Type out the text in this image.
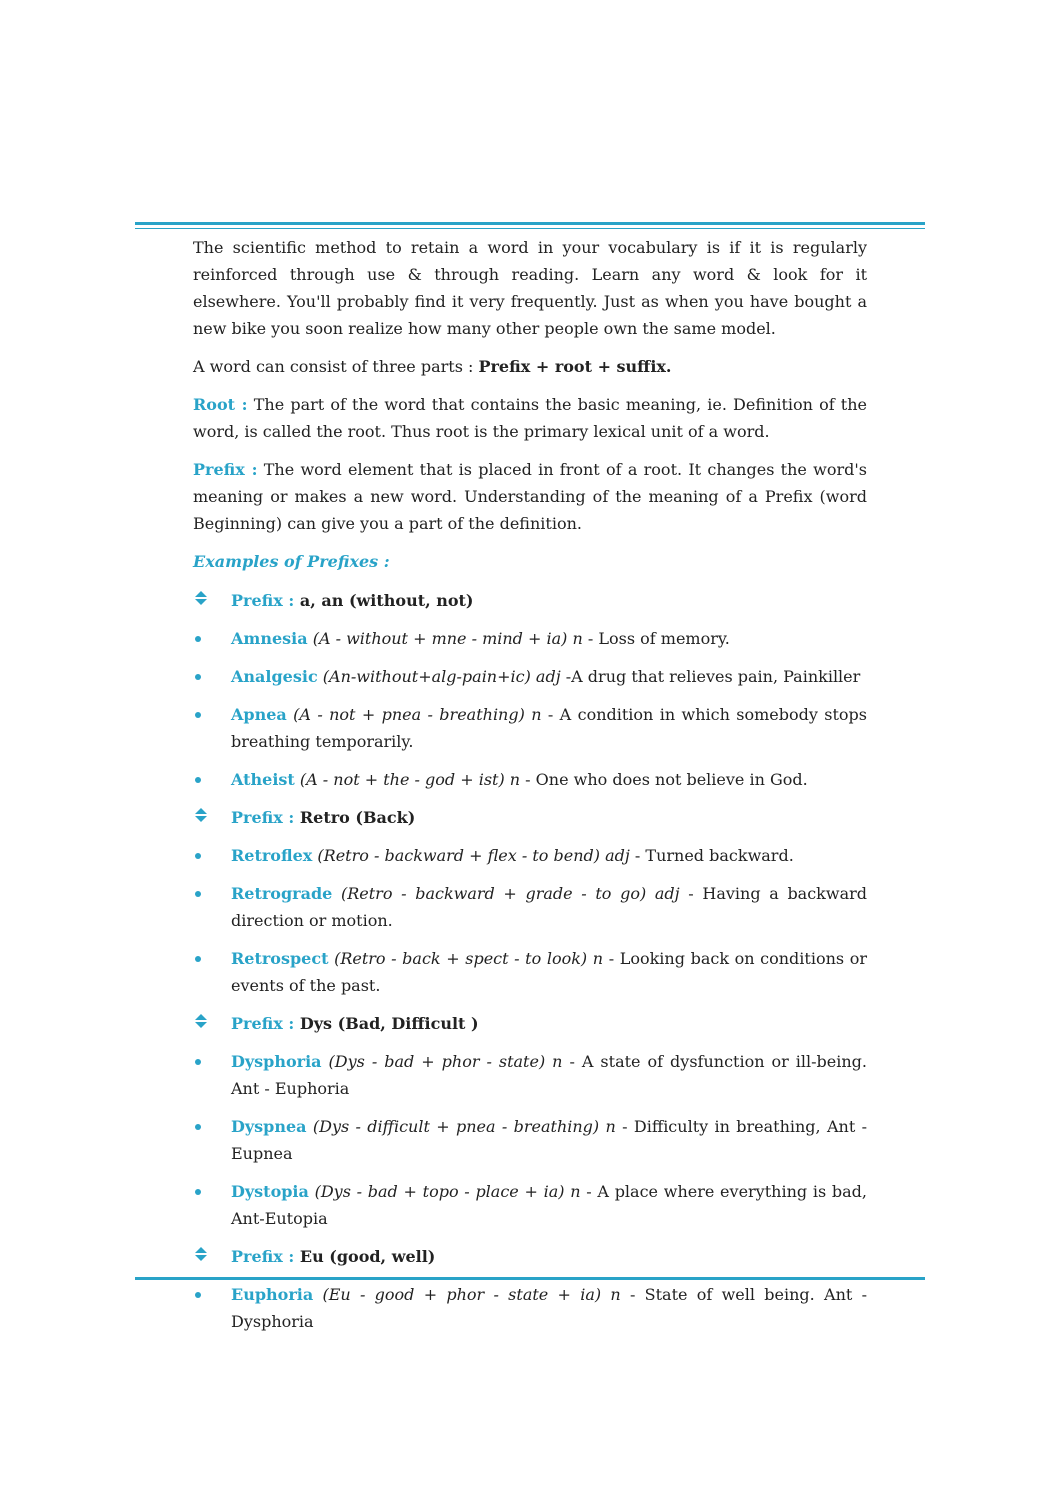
The scientific method to retain a word in your vocabulary is if it is regularly reinforced through use & through reading. Learn any word & look for it elsewhere. You'll probably find it very frequently. Just as when you have bought a new bike you soon realize how many other people own the same model.

A word can consist of three parts : Prefix + root + suffix.

Root : The part of the word that contains the basic meaning, ie. Definition of the word, is called the root. Thus root is the primary lexical unit of a word.

Prefix : The word element that is placed in front of a root. It changes the word's meaning or makes a new word. Understanding of the meaning of a Prefix (word Beginning) can give you a part of the definition.

Examples of Prefixes :
Prefix : a, an (without, not)
Amnesia (A - without + mne - mind + ia) n - Loss of memory.
Analgesic (An-without+alg-pain+ic) adj -A drug that relieves pain, Painkiller
Apnea (A - not + pnea - breathing) n - A condition in which somebody stops breathing temporarily.
Atheist (A - not + the - god + ist) n - One who does not believe in God.
Prefix : Retro (Back)
Retroflex (Retro - backward + flex - to bend) adj - Turned backward.
Retrograde (Retro - backward + grade - to go) adj - Having a backward direction or motion.
Retrospect (Retro - back + spect - to look) n - Looking back on conditions or events of the past.
Prefix : Dys (Bad, Difficult )
Dysphoria (Dys - bad + phor - state) n - A state of dysfunction or ill-being. Ant - Euphoria
Dyspnea (Dys - difficult + pnea - breathing) n - Difficulty in breathing, Ant - Eupnea
Dystopia (Dys - bad + topo - place + ia) n - A place where everything is bad, Ant-Eutopia
Prefix : Eu (good, well)
Euphoria (Eu - good + phor - state + ia) n - State of well being. Ant - Dysphoria
